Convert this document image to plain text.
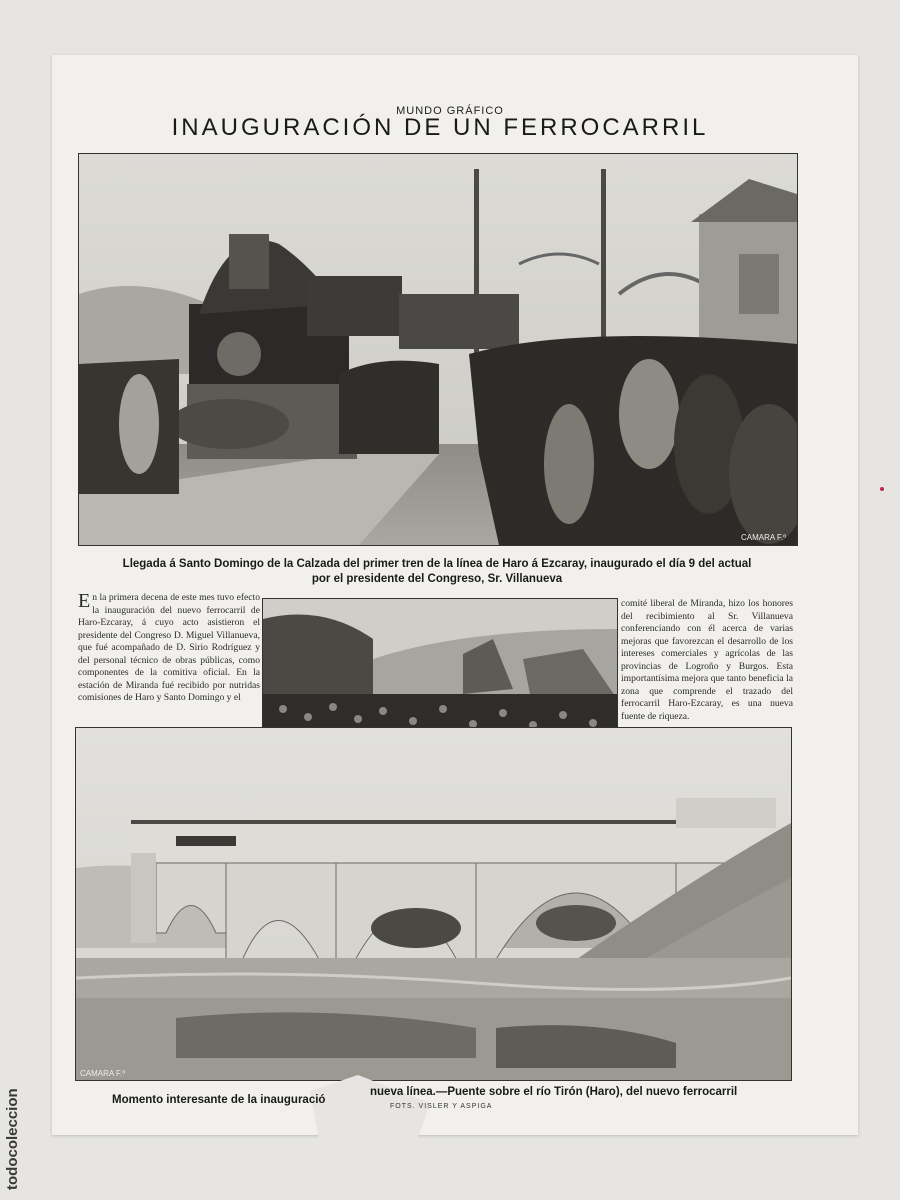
MUNDO GRÁFICO
INAUGURACIÓN DE UN FERROCARRIL
CAMARA F.º
Llegada á Santo Domingo de la Calzada del primer tren de la línea de Haro á Ezcaray, inaugurado el día 9 del actual
por el presidente del Congreso, Sr. Villanueva
En la primera decena de este mes tuvo efecto la inauguración del nuevo ferrocarril de Haro-Ezcaray, á cuyo acto asistieron el presidente del Congreso D. Miguel Villanueva, que fué acompañado de D. Sirio Rodríguez y del personal técnico de obras públicas, como componentes de la comitiva oficial. En la estación de Miranda fué recibido por nutridas comisiones de Haro y Santo Domingo y el
comité liberal de Miranda, hizo los honores del recibimiento al Sr. Villanueva conferenciando con él acerca de varias mejoras que favorezcan el desarrollo de los intereses comerciales y agrícolas de las provincias de Logroño y Burgos. Esta importantísima mejora que tanto beneficia la zona que comprende el trazado del ferrocarril Haro-Ezcaray, es una nueva fuente de riqueza.
CAMARA F.º
Momento interesante de la inauguració
nueva línea.—Puente sobre el río Tirón (Haro), del nuevo ferrocarril
FOTS. VISLER Y ASPIGA
todocoleccion
